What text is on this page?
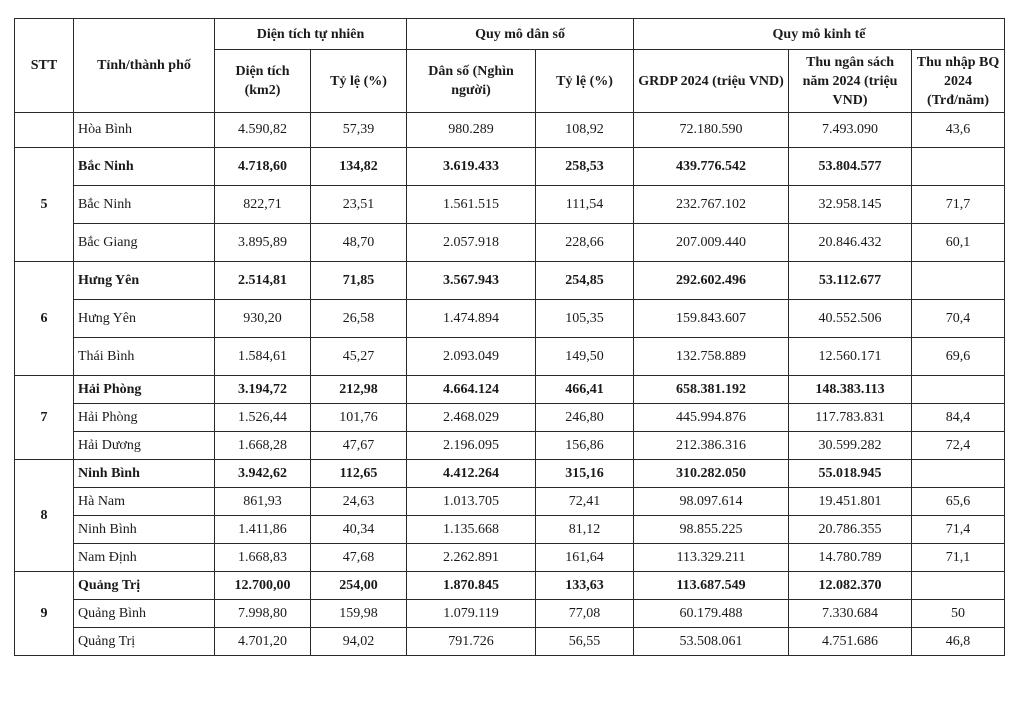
STT	Tỉnh/thành phố	Diện tích tự nhiên		Quy mô dân số		Quy mô kinh tế		
		Diện tích (km2)	Tỷ lệ (%)	Dân số (Nghìn người)	Tỷ lệ (%)	GRDP 2024 (triệu VND)	Thu ngân sách năm 2024 (triệu VND)	Thu nhập BQ 2024 (Trđ/năm)
	Hòa Bình	4.590,82	57,39	980.289	108,92	72.180.590	7.493.090	43,6
5	Bắc Ninh	4.718,60	134,82	3.619.433	258,53	439.776.542	53.804.577	
	Bắc Ninh	822,71	23,51	1.561.515	111,54	232.767.102	32.958.145	71,7
	Bắc Giang	3.895,89	48,70	2.057.918	228,66	207.009.440	20.846.432	60,1
6	Hưng Yên	2.514,81	71,85	3.567.943	254,85	292.602.496	53.112.677	
	Hưng Yên	930,20	26,58	1.474.894	105,35	159.843.607	40.552.506	70,4
	Thái Bình	1.584,61	45,27	2.093.049	149,50	132.758.889	12.560.171	69,6
7	Hải Phòng	3.194,72	212,98	4.664.124	466,41	658.381.192	148.383.113	
	Hải Phòng	1.526,44	101,76	2.468.029	246,80	445.994.876	117.783.831	84,4
	Hải Dương	1.668,28	47,67	2.196.095	156,86	212.386.316	30.599.282	72,4
8	Ninh Bình	3.942,62	112,65	4.412.264	315,16	310.282.050	55.018.945	
	Hà Nam	861,93	24,63	1.013.705	72,41	98.097.614	19.451.801	65,6
	Ninh Bình	1.411,86	40,34	1.135.668	81,12	98.855.225	20.786.355	71,4
	Nam Định	1.668,83	47,68	2.262.891	161,64	113.329.211	14.780.789	71,1
9	Quảng Trị	12.700,00	254,00	1.870.845	133,63	113.687.549	12.082.370	
	Quảng Bình	7.998,80	159,98	1.079.119	77,08	60.179.488	7.330.684	50
	Quảng Trị	4.701,20	94,02	791.726	56,55	53.508.061	4.751.686	46,8
